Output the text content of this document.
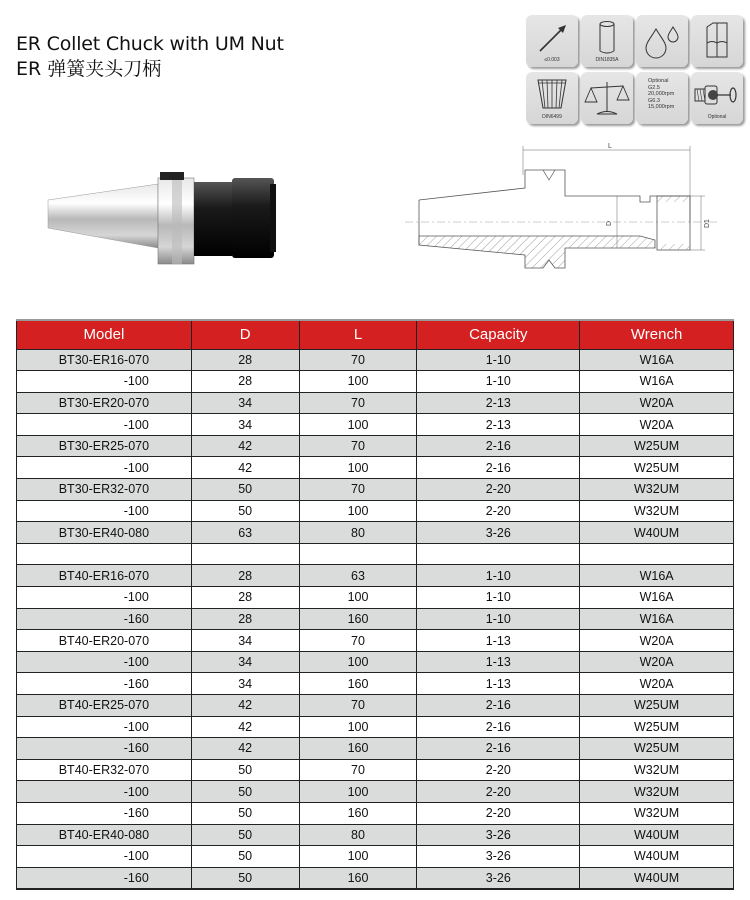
ER Collet Chuck with UM Nut
ER 弹簧夹头刀柄	≤0.003	DIN1835A
DIN6499
Optional
G2.5
20,000rpm
G6.3
15,000rpm
Optional
L
D	D1
Model	D	L	Capacity	Wrench
BT30-ER16-070	28	70	1-10	W16A
-100	28	100	1-10	W16A
BT30-ER20-070	34	70	2-13	W20A
-100	34	100	2-13	W20A
BT30-ER25-070	42	70	2-16	W25UM
-100	42	100	2-16	W25UM
BT30-ER32-070	50	70	2-20	W32UM
-100	50	100	2-20	W32UM
BT30-ER40-080	63	80	3-26	W40UM

BT40-ER16-070	28	63	1-10	W16A
-100	28	100	1-10	W16A
-160	28	160	1-10	W16A
BT40-ER20-070	34	70	1-13	W20A
-100	34	100	1-13	W20A
-160	34	160	1-13	W20A
BT40-ER25-070	42	70	2-16	W25UM
-100	42	100	2-16	W25UM
-160	42	160	2-16	W25UM
BT40-ER32-070	50	70	2-20	W32UM
-100	50	100	2-20	W32UM
-160	50	160	2-20	W32UM
BT40-ER40-080	50	80	3-26	W40UM
-100	50	100	3-26	W40UM
-160	50	160	3-26	W40UM
